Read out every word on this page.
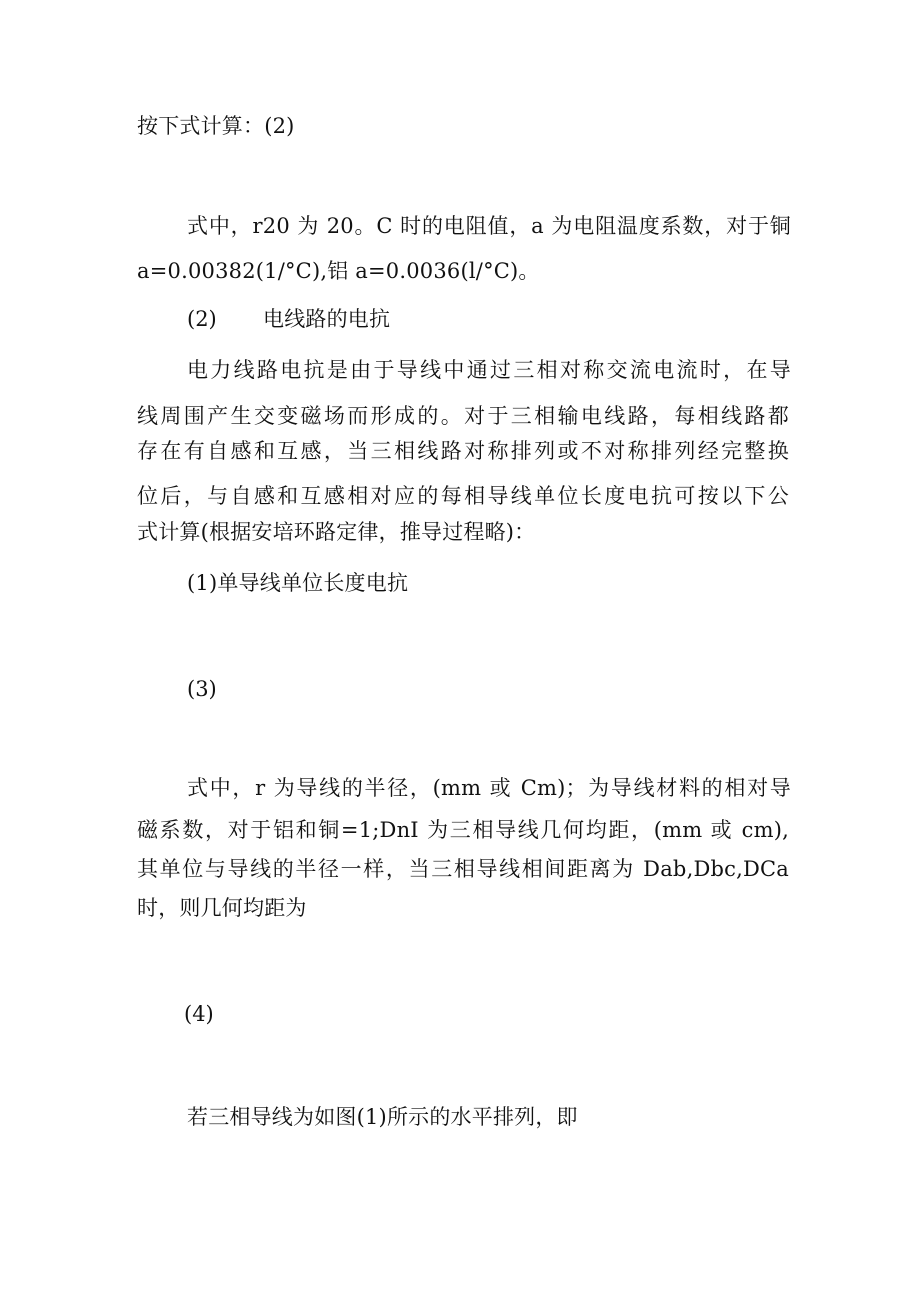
按下式计算：(2)
式中，r20 为 20。C 时的电阻值，a 为电阻温度系数，对于铜
a=0.00382(1/°C),铝 a=0.0036(l/°C)。
(2) 电线路的电抗
电力线路电抗是由于导线中通过三相对称交流电流时，在导
线周围产生交变磁场而形成的。对于三相输电线路，每相线路都
存在有自感和互感，当三相线路对称排列或不对称排列经完整换
位后，与自感和互感相对应的每相导线单位长度电抗可按以下公
式计算(根据安培环路定律，推导过程略)：
(1)单导线单位长度电抗
(3)
式中，r 为导线的半径，(mm 或 Cm)；为导线材料的相对导
磁系数，对于铝和铜=1;DnI 为三相导线几何均距，(mm 或 cm),
其单位与导线的半径一样，当三相导线相间距离为 Dab,Dbc,DCa
时，则几何均距为
(4)
若三相导线为如图(1)所示的水平排列，即
